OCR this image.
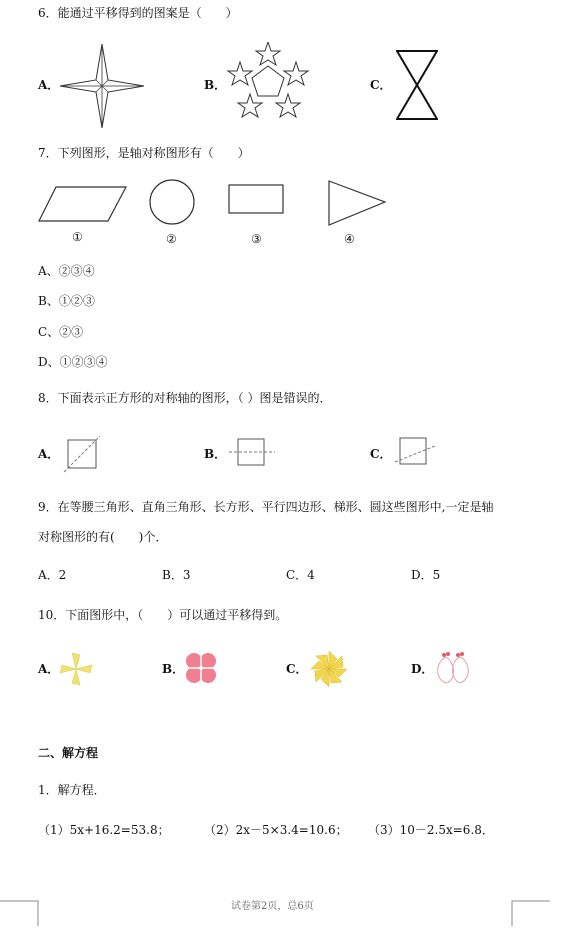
6．能通过平移得到的图案是（　　）
A．	B．	C．
7．下列图形，是轴对称图形有（　　）
①	②	③	④
A、②③④
B、①②③
C、②③
D、①②③④
8．下面表示正方形的对称轴的图形，（ ）图是错误的．
A．	B．	C．
9．在等腰三角形、直角三角形、长方形、平行四边形、梯形、圆这些图形中,一定是轴
对称图形的有(　　)个．
A．2	B．3	C．4	D．5
10．下面图形中，（　　）可以通过平移得到。
A．	B．	C．	D．
二、解方程
1．解方程．
（1）5x+16.2=53.8；	（2）2x－5×3.4=10.6； （3）10－2.5x=6.8．
试卷第2页，总6页
